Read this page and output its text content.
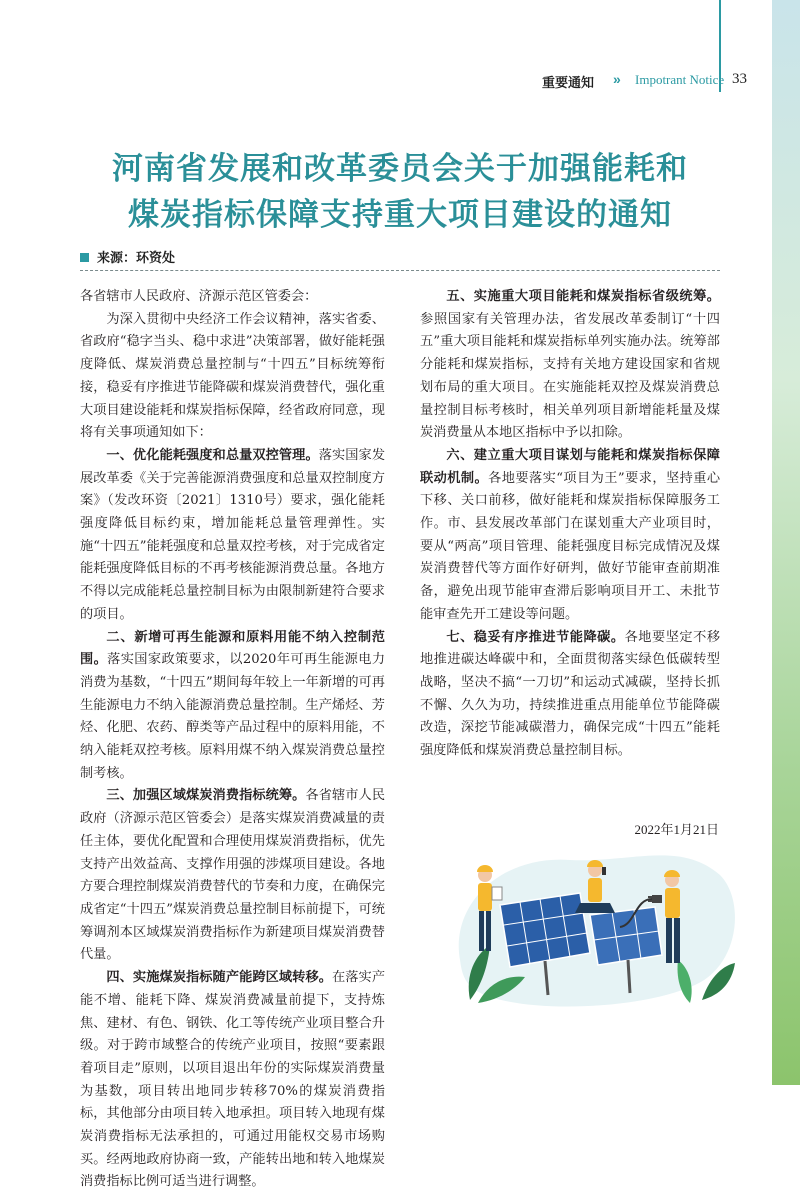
重要通知 » Impotrant Notice 33
河南省发展和改革委员会关于加强能耗和
煤炭指标保障支持重大项目建设的通知
来源：环资处

各省辖市人民政府、济源示范区管委会：

为深入贯彻中央经济工作会议精神，落实省委、省政府“稳字当头、稳中求进”决策部署，做好能耗强度降低、煤炭消费总量控制与“十四五”目标统筹衔接，稳妥有序推进节能降碳和煤炭消费替代，强化重大项目建设能耗和煤炭指标保障，经省政府同意，现将有关事项通知如下：

一、优化能耗强度和总量双控管理。落实国家发展改革委《关于完善能源消费强度和总量双控制度方案》（发改环资〔2021〕1310号）要求，强化能耗强度降低目标约束，增加能耗总量管理弹性。实施“十四五”能耗强度和总量双控考核，对于完成省定能耗强度降低目标的不再考核能源消费总量。各地方不得以完成能耗总量控制目标为由限制新建符合要求的项目。

二、新增可再生能源和原料用能不纳入控制范围。落实国家政策要求，以2020年可再生能源电力消费为基数，“十四五”期间每年较上一年新增的可再生能源电力不纳入能源消费总量控制。生产烯烃、芳烃、化肥、农药、醇类等产品过程中的原料用能，不纳入能耗双控考核。原料用煤不纳入煤炭消费总量控制考核。

三、加强区域煤炭消费指标统筹。各省辖市人民政府（济源示范区管委会）是落实煤炭消费减量的责任主体，要优化配置和合理使用煤炭消费指标，优先支持产出效益高、支撑作用强的涉煤项目建设。各地方要合理控制煤炭消费替代的节奏和力度，在确保完成省定“十四五”煤炭消费总量控制目标前提下，可统筹调剂本区域煤炭消费指标作为新建项目煤炭消费替代量。

四、实施煤炭指标随产能跨区域转移。在落实产能不增、能耗下降、煤炭消费减量前提下，支持炼焦、建材、有色、钢铁、化工等传统产业项目整合升级。对于跨市域整合的传统产业项目，按照“要素跟着项目走”原则，以项目退出年份的实际煤炭消费量为基数，项目转出地同步转移70%的煤炭消费指标，其他部分由项目转入地承担。项目转入地现有煤炭消费指标无法承担的，可通过用能权交易市场购买。经两地政府协商一致，产能转出地和转入地煤炭消费指标比例可适当进行调整。

五、实施重大项目能耗和煤炭指标省级统筹。参照国家有关管理办法，省发展改革委制订“十四五”重大项目能耗和煤炭指标单列实施办法。统筹部分能耗和煤炭指标，支持有关地方建设国家和省规划布局的重大项目。在实施能耗双控及煤炭消费总量控制目标考核时，相关单列项目新增能耗量及煤炭消费量从本地区指标中予以扣除。

六、建立重大项目谋划与能耗和煤炭指标保障联动机制。各地要落实“项目为王”要求，坚持重心下移、关口前移，做好能耗和煤炭指标保障服务工作。市、县发展改革部门在谋划重大产业项目时，要从“两高”项目管理、能耗强度目标完成情况及煤炭消费替代等方面作好研判，做好节能审查前期准备，避免出现节能审查滞后影响项目开工、未批节能审查先开工建设等问题。

七、稳妥有序推进节能降碳。各地要坚定不移地推进碳达峰碳中和，全面贯彻落实绿色低碳转型战略，坚决不搞“一刀切”和运动式减碳，坚持长抓不懈、久久为功，持续推进重点用能单位节能降碳改造，深挖节能减碳潜力，确保完成“十四五”能耗强度降低和煤炭消费总量控制目标。

2022年1月21日
